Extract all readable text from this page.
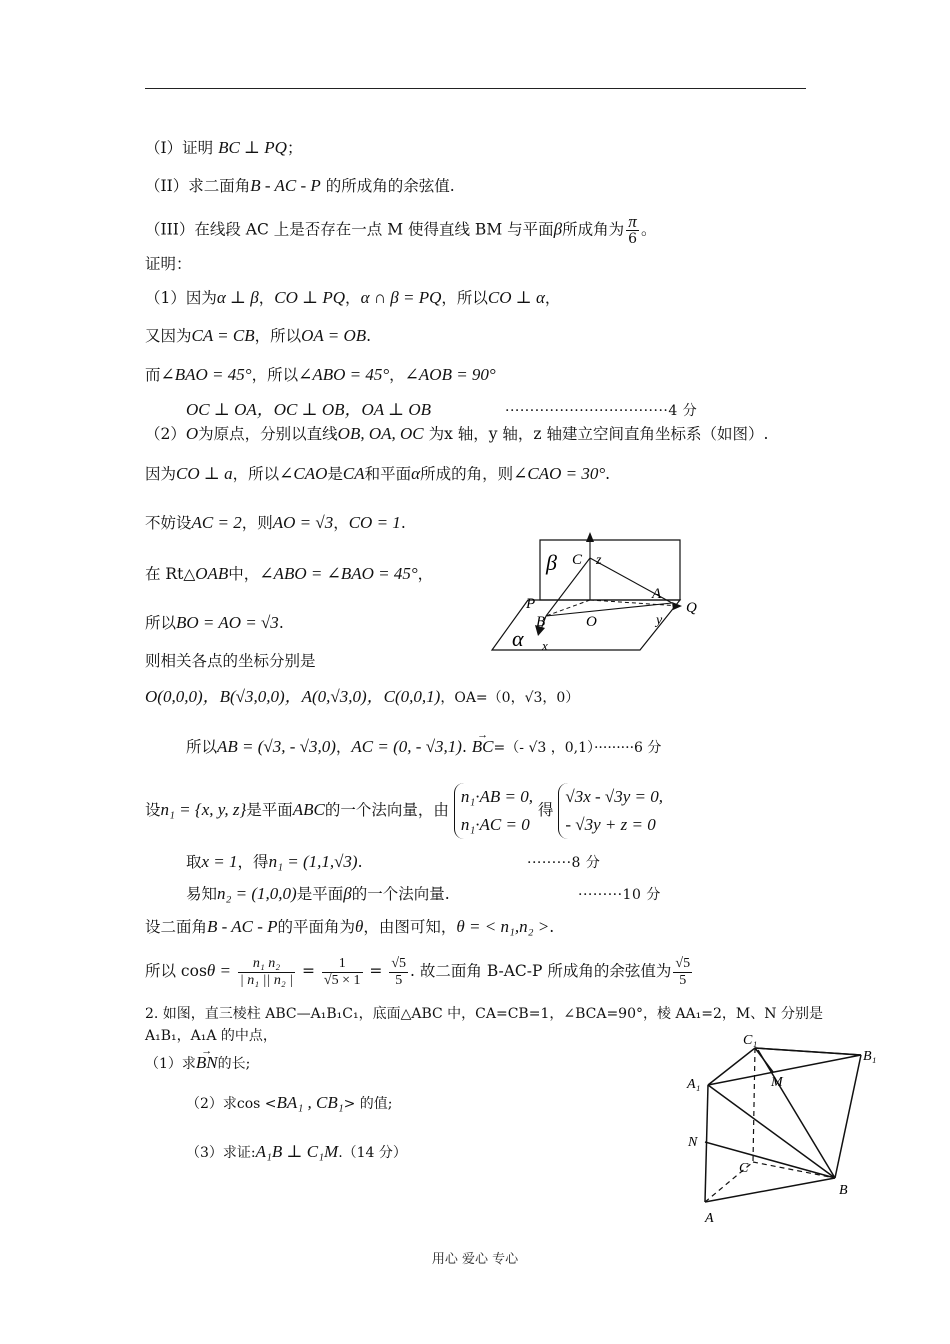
（I）证明 BC ⊥ PQ；
（II）求二面角B - AC - P 的所成角的余弦值.
（III）在线段 AC 上是否存在一点 M 使得直线 BM 与平面β所成角为 $\frac{\pi}{6}$ 。
证明：
（1）因为α ⊥ β，CO ⊥ PQ，α ∩ β = PQ，所以CO ⊥ α，
又因为CA = CB，所以OA = OB.
而∠BAO = 45°，所以∠ABO = 45°，∠AOB = 90°
OC ⊥ OA，OC ⊥ OB，OA ⊥ OB	·································4 分
（2）O为原点，分别以直线OB, OA, OC 为x 轴，y 轴，z 轴建立空间直角坐标系（如图）.
因为CO ⊥ a，所以∠CAO是CA和平面α所成的角，则∠CAO = 30°.
不妨设AC = 2，则AO = √3，CO = 1.
在 Rt△OAB中，∠ABO = ∠BAO = 45°，
所以BO = AO = √3.
则相关各点的坐标分别是
O(0,0,0)，B(√3,0,0)，A(0,√3,0)，C(0,0,1)，OA=（0，√3，0）
所以AB = (√3, - √3,0)，AC = (0, - √3,1). → BC=（- √3 ，0,1）·········6 分
设n₁ = {x, y, z}是平面ABC的一个法向量，由
n₁·AB = 0,
n₁·AC = 0
得
√3x - √3y = 0,
- √3y + z = 0
取x = 1，得n₁ = (1,1,√3).	·········8 分
易知n₂ = (1,0,0)是平面β的一个法向量.	·········10 分
设二面角B - AC - P的平面角为θ，由图可知，θ = < n₁,n₂ >.
所以 $\cos\theta = \frac{\text{n₁ n₂}}{\text{| n₁ || n₂ |}} = \frac{1}{√5 \times 1} = \frac{√5}{5}$ . 故二面角 B-AC-P 所成角的余弦值为 $\frac{√5}{5}$
2. 如图，直三棱柱 ABC—A₁B₁C₁，底面△ABC 中，CA=CB=1，∠BCA=90°，棱 AA₁=2，M、N 分别是
A₁B₁，A₁A 的中点，
（1）求→ BN的长;
（2）求cos <BA₁ , CB₁> 的值;
（3）求证:A₁B ⊥ C₁M.（14 分）
β
α
C z
P
A
Q
B	O	y
x
C₁
B₁
A₁	M
N
C
B
A
用心 爱心 专心
